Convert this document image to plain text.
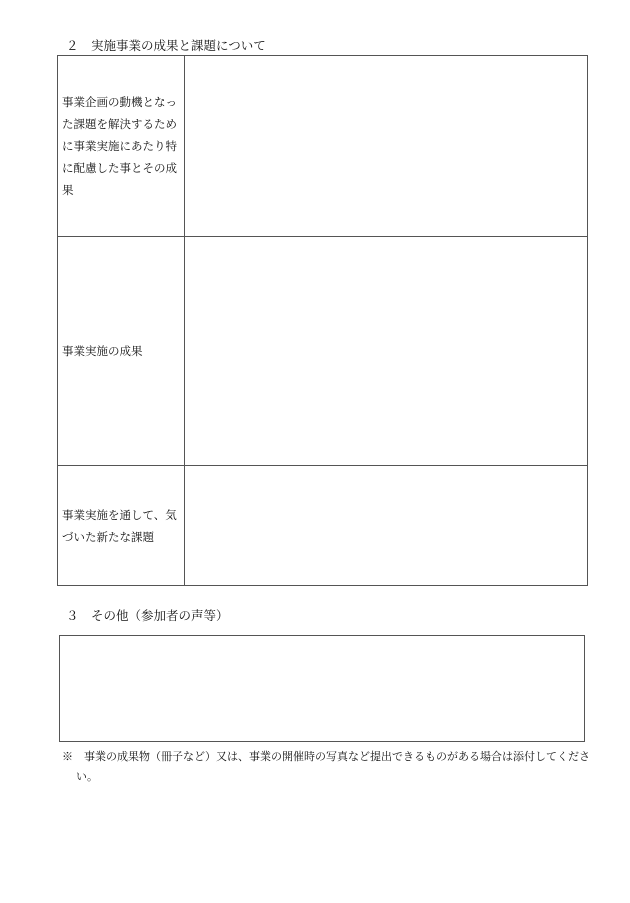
２　実施事業の成果と課題について
事業企画の動機となった課題を解決するために事業実施にあたり特に配慮した事とその成果	
事業実施の成果	
事業実施を通して、気づいた新たな課題	
３　その他（参加者の声等）
※　事業の成果物（冊子など）又は、事業の開催時の写真など提出できるものがある場合は添付してください。
